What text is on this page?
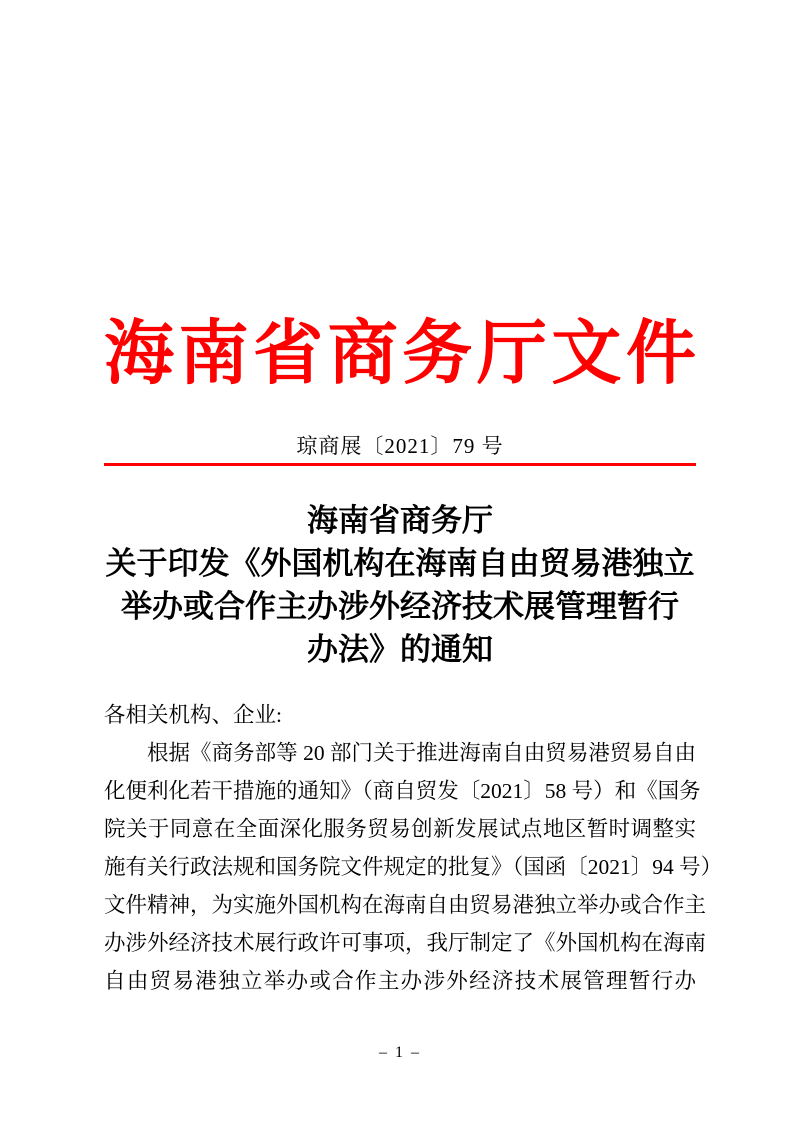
海南省商务厅文件
琼商展〔2021〕79 号
海南省商务厅
关于印发《外国机构在海南自由贸易港独立
举办或合作主办涉外经济技术展管理暂行
办法》的通知
各相关机构、企业:
根据《商务部等 20 部门关于推进海南自由贸易港贸易自由
化便利化若干措施的通知》（商自贸发〔2021〕58 号）和《国务
院关于同意在全面深化服务贸易创新发展试点地区暂时调整实
施有关行政法规和国务院文件规定的批复》（国函〔2021〕94 号）
文件精神，为实施外国机构在海南自由贸易港独立举办或合作主
办涉外经济技术展行政许可事项，我厅制定了《外国机构在海南
自由贸易港独立举办或合作主办涉外经济技术展管理暂行办
– 1 –
